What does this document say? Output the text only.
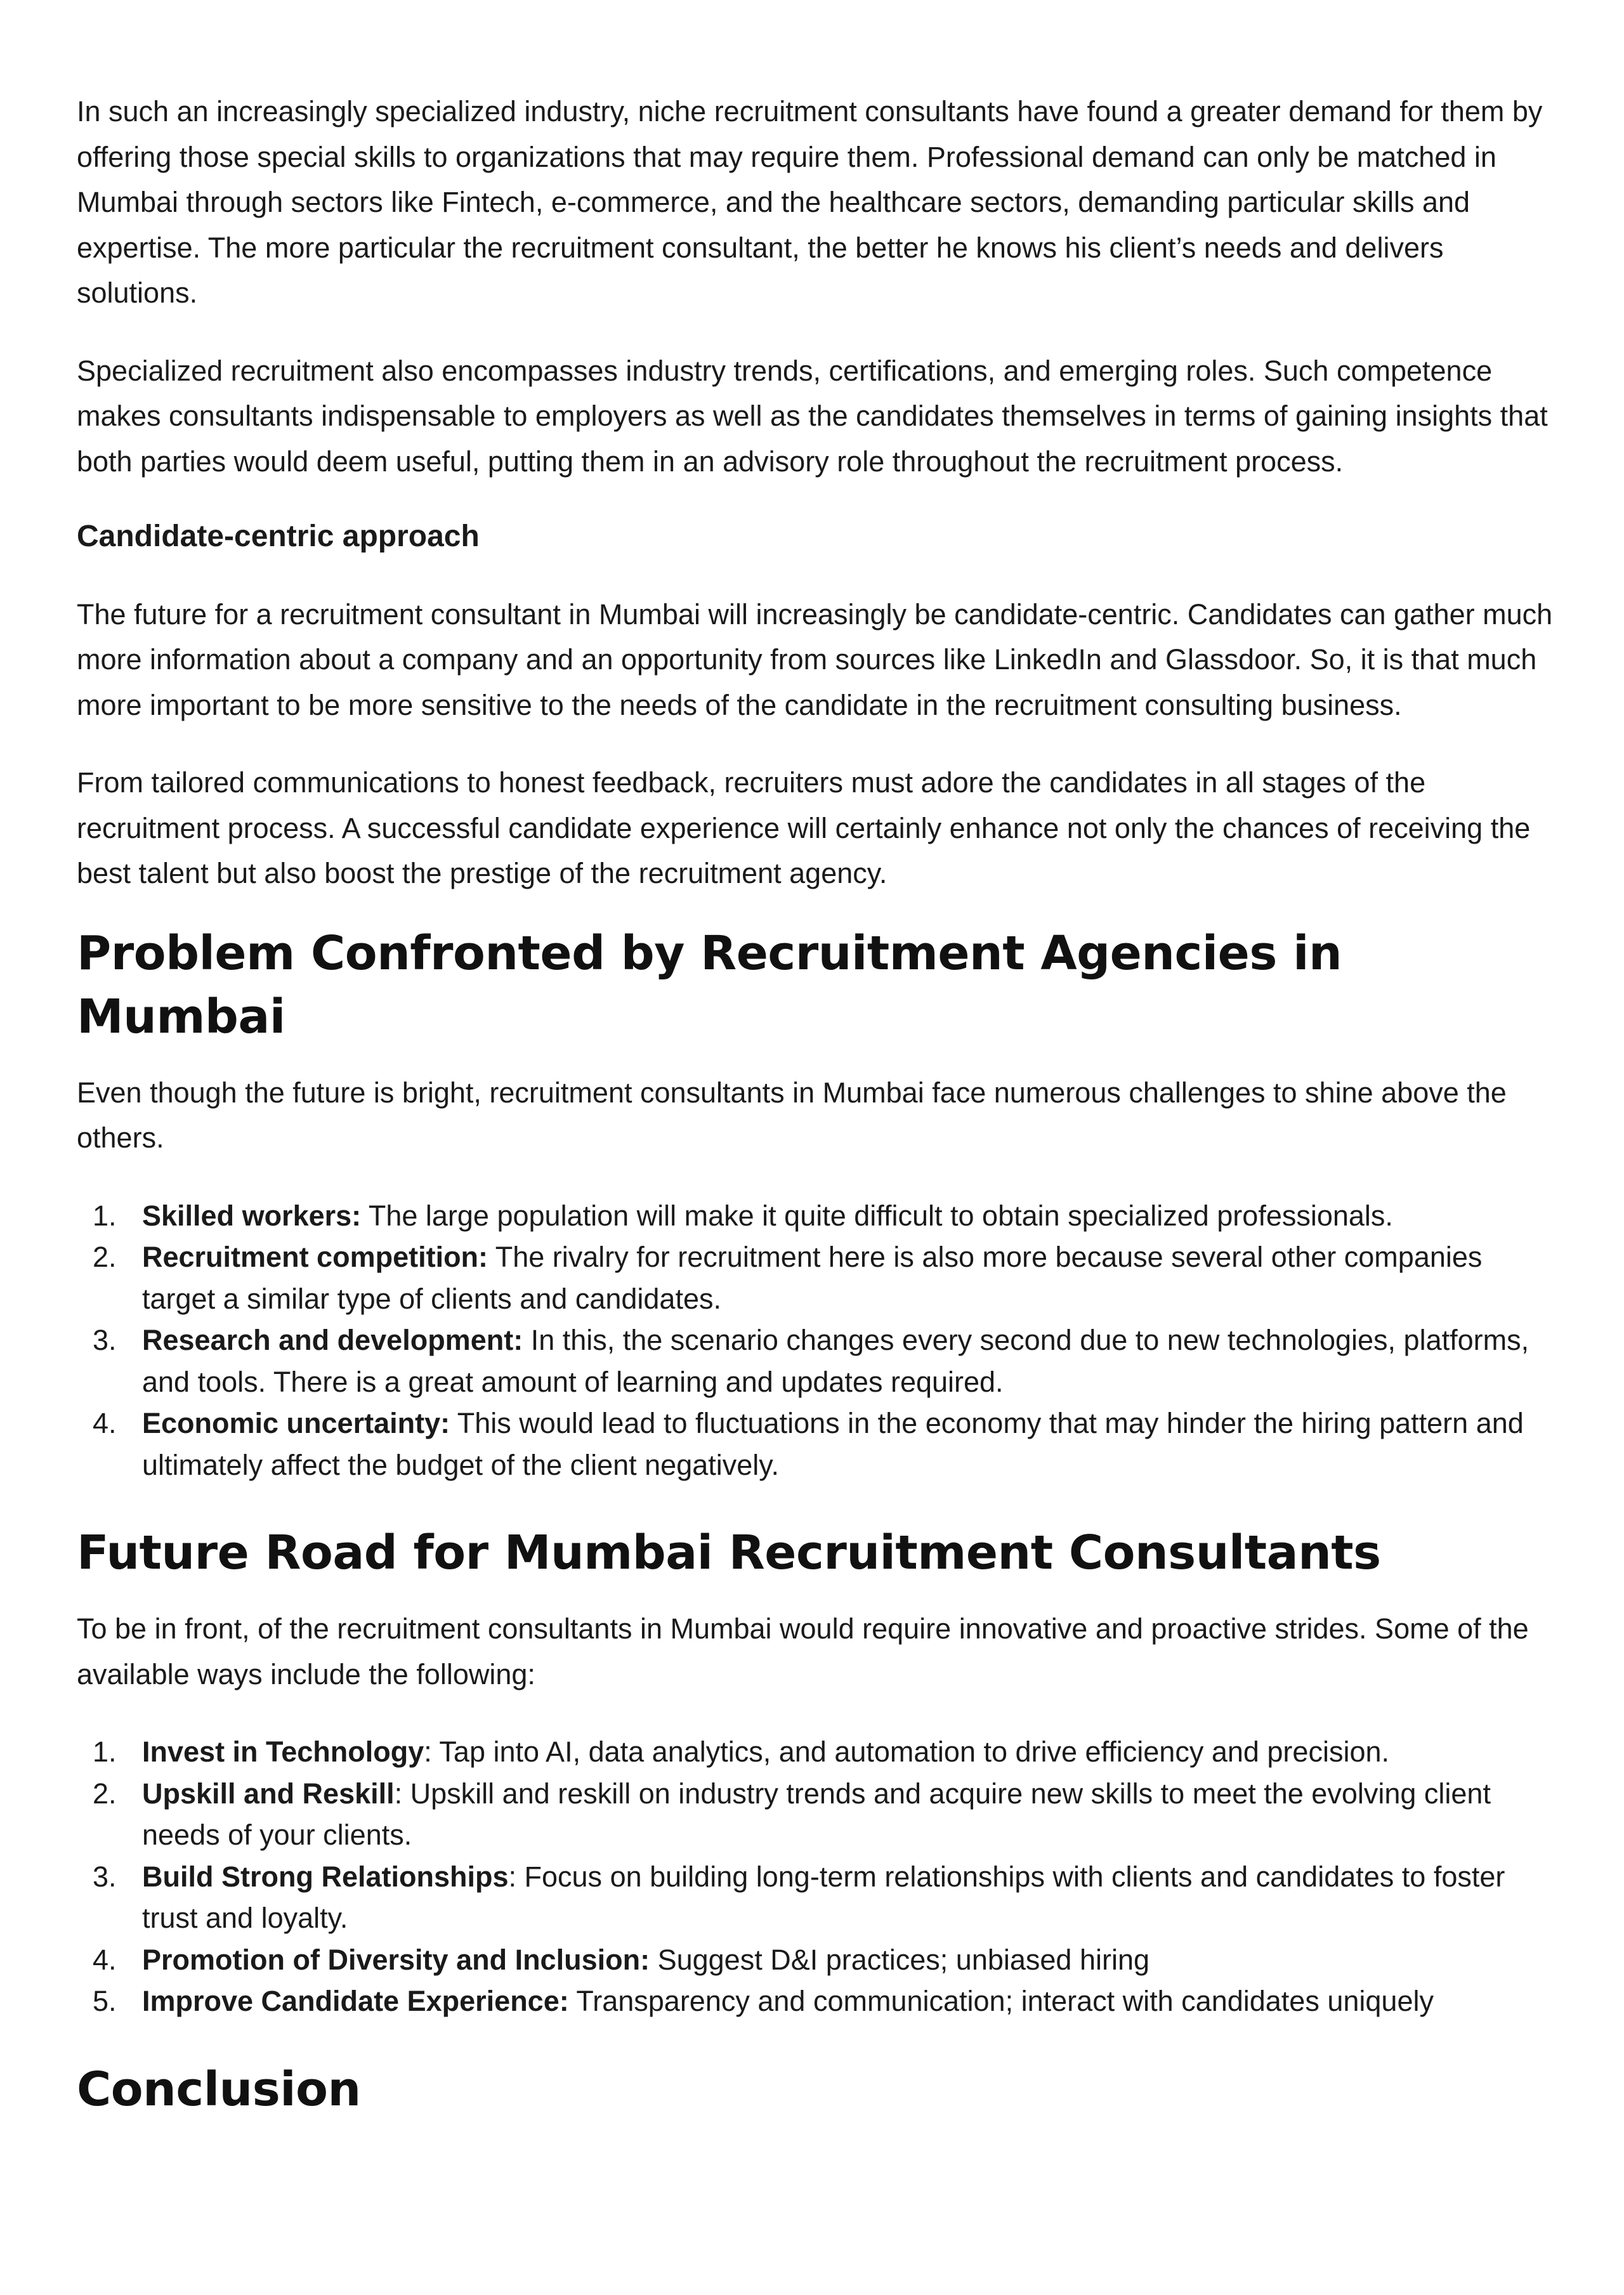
In such an increasingly specialized industry, niche recruitment consultants have found a greater demand for them by offering those special skills to organizations that may require them. Professional demand can only be matched in Mumbai through sectors like Fintech, e-commerce, and the healthcare sectors, demanding particular skills and expertise. The more particular the recruitment consultant, the better he knows his client’s needs and delivers solutions.

Specialized recruitment also encompasses industry trends, certifications, and emerging roles. Such competence makes consultants indispensable to employers as well as the candidates themselves in terms of gaining insights that both parties would deem useful, putting them in an advisory role throughout the recruitment process.

Candidate-centric approach

The future for a recruitment consultant in Mumbai will increasingly be candidate-centric. Candidates can gather much more information about a company and an opportunity from sources like LinkedIn and Glassdoor. So, it is that much more important to be more sensitive to the needs of the candidate in the recruitment consulting business.

From tailored communications to honest feedback, recruiters must adore the candidates in all stages of the recruitment process. A successful candidate experience will certainly enhance not only the chances of receiving the best talent but also boost the prestige of the recruitment agency.

Problem Confronted by Recruitment Agencies in Mumbai

Even though the future is bright, recruitment consultants in Mumbai face numerous challenges to shine above the others.

1. Skilled workers: The large population will make it quite difficult to obtain specialized professionals.
2. Recruitment competition: The rivalry for recruitment here is also more because several other companies target a similar type of clients and candidates.
3. Research and development: In this, the scenario changes every second due to new technologies, platforms, and tools. There is a great amount of learning and updates required.
4. Economic uncertainty: This would lead to fluctuations in the economy that may hinder the hiring pattern and ultimately affect the budget of the client negatively.
Future Road for Mumbai Recruitment Consultants

To be in front, of the recruitment consultants in Mumbai would require innovative and proactive strides. Some of the available ways include the following:

1. Invest in Technology: Tap into AI, data analytics, and automation to drive efficiency and precision.
2. Upskill and Reskill: Upskill and reskill on industry trends and acquire new skills to meet the evolving client needs of your clients.
3. Build Strong Relationships: Focus on building long-term relationships with clients and candidates to foster trust and loyalty.
4. Promotion of Diversity and Inclusion: Suggest D&I practices; unbiased hiring
5. Improve Candidate Experience: Transparency and communication; interact with candidates uniquely
Conclusion
